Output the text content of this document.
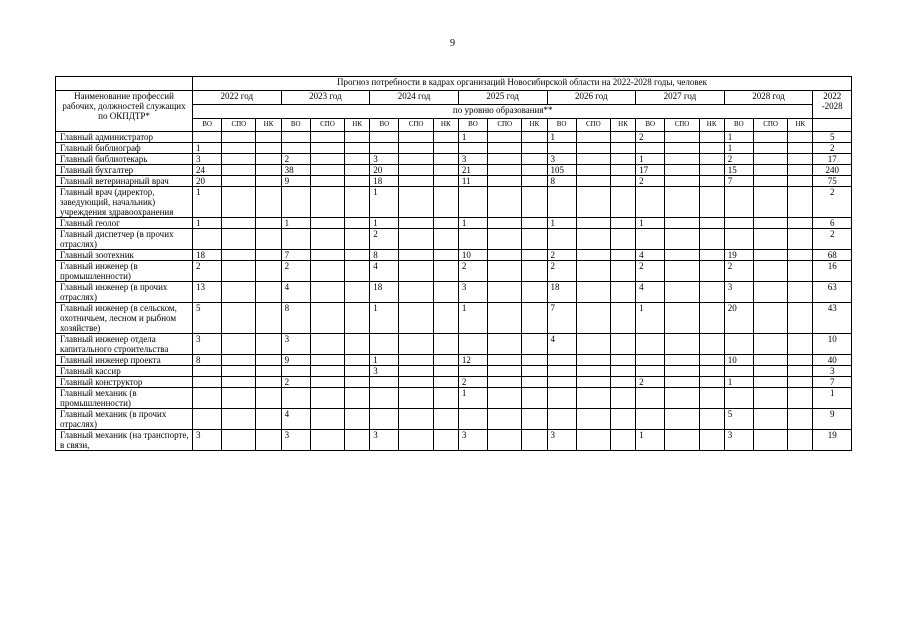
9
	Прогноз потребности в кадрах организаций Новосибирской области на 2022-2028 годы, человек																					
Наименование профессий рабочих, должностей служащих по ОКПДТР*	2022 год			2023 год			2024 год			2025 год			2026 год			2027 год			2028 год			2022 -2028
	по уровню образования**																					
	ВО	СПО	НК	ВО	СПО	НК	ВО	СПО	НК	ВО	СПО	НК	ВО	СПО	НК	ВО	СПО	НК	ВО	СПО	НК	
Главный администратор										1			1			2			1			5
Главный библиограф	1																		1			2
Главный библиотекарь	3			2			3			3			3			1			2			17
Главный бухгалтер	24			38			20			21			105			17			15			240
Главный ветеринарный врач	20			9			18			11			8			2			7			75
Главный врач (директор, заведующий, начальник) учреждения здравоохранения	1						1															2
Главный геолог	1			1			1			1			1			1						6
Главный диспетчер (в прочих отраслях)							2															2
Главный зоотехник	18			7			8			10			2			4			19			68
Главный инженер (в промышленности)	2			2			4			2			2			2			2			16
Главный инженер (в прочих отраслях)	13			4			18			3			18			4			3			63
Главный инженер (в сельском, охотничьем, лесном и рыбном хозяйстве)	5			8			1			1			7			1			20			43
Главный инженер отдела капитального строительства	3			3									4									10
Главный инженер проекта	8			9			1			12									10			40
Главный кассир							3															3
Главный конструктор				2						2						2			1			7
Главный механик (в промышленности)										1												1
Главный механик (в прочих отраслях)				4															5			9
Главный механик (на транспорте, в связи,	3			3			3			3			3			1			3			19
